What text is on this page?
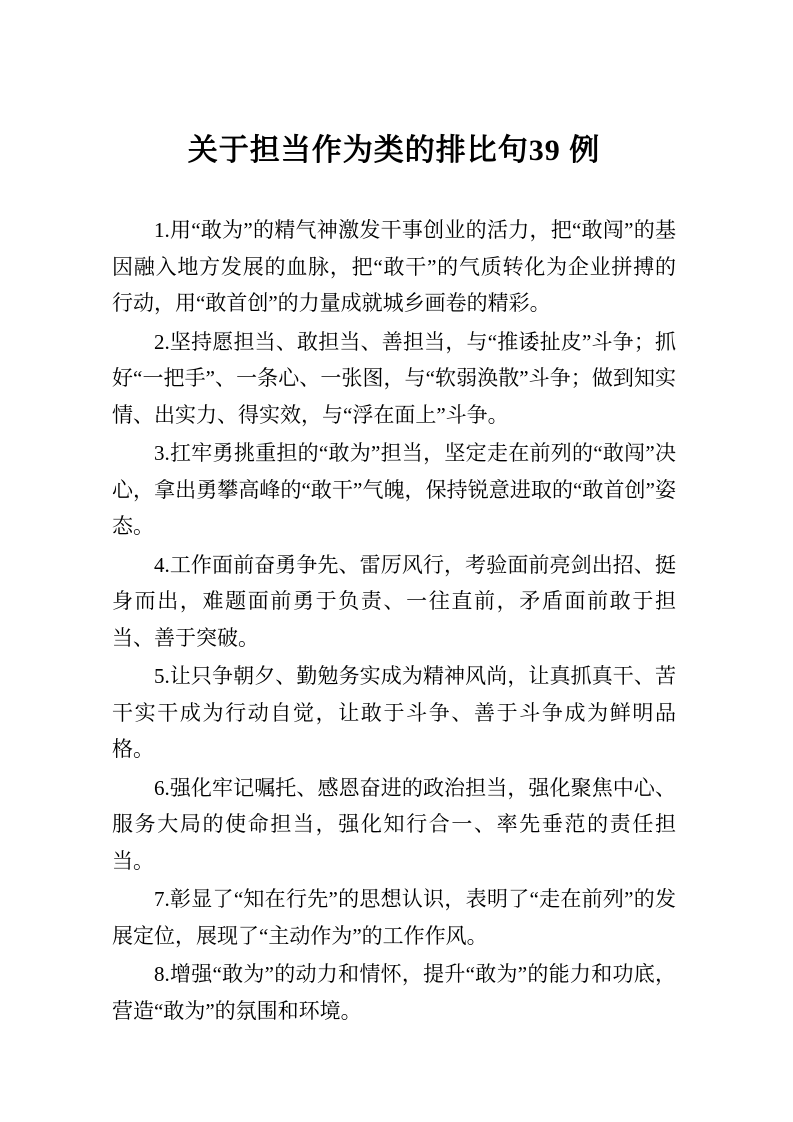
关于担当作为类的排比句39 例

1.用“敢为”的精气神激发干事创业的活力，把“敢闯”的基因融入地方发展的血脉，把“敢干”的气质转化为企业拼搏的行动，用“敢首创”的力量成就城乡画卷的精彩。

2.坚持愿担当、敢担当、善担当，与“推诿扯皮”斗争；抓好“一把手”、一条心、一张图，与“软弱涣散”斗争；做到知实情、出实力、得实效，与“浮在面上”斗争。

3.扛牢勇挑重担的“敢为”担当，坚定走在前列的“敢闯”决心，拿出勇攀高峰的“敢干”气魄，保持锐意进取的“敢首创”姿态。

4.工作面前奋勇争先、雷厉风行，考验面前亮剑出招、挺身而出，难题面前勇于负责、一往直前，矛盾面前敢于担当、善于突破。

5.让只争朝夕、勤勉务实成为精神风尚，让真抓真干、苦干实干成为行动自觉，让敢于斗争、善于斗争成为鲜明品格。

6.强化牢记嘱托、感恩奋进的政治担当，强化聚焦中心、服务大局的使命担当，强化知行合一、率先垂范的责任担当。

7.彰显了“知在行先”的思想认识，表明了“走在前列”的发展定位，展现了“主动作为”的工作作风。

8.增强“敢为”的动力和情怀，提升“敢为”的能力和功底，营造“敢为”的氛围和环境。
